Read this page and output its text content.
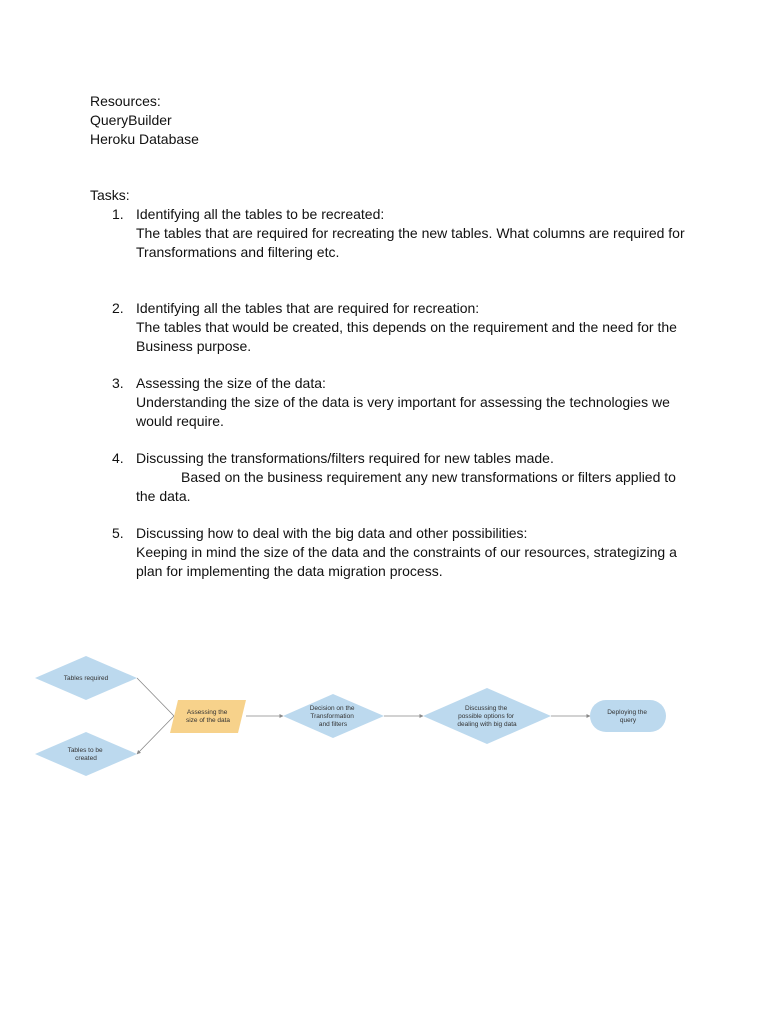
Resources:
QueryBuilder
Heroku Database
Tasks:
1. Identifying all the tables to be recreated:
The tables that are required for recreating the new tables. What columns are required for
Transformations and filtering etc.
2. Identifying all the tables that are required for recreation:
The tables that would be created, this depends on the requirement and the need for the
Business purpose.
3. Assessing the size of the data:
Understanding the size of the data is very important for assessing the technologies we
would require.
4. Discussing the transformations/filters required for new tables made.
Based on the business requirement any new transformations or filters applied to
the data.
5. Discussing how to deal with the big data and other possibilities:
Keeping in mind the size of the data and the constraints of our resources, strategizing a
plan for implementing the data migration process.
Tables required
Tables to be created
Assessing the size of the data
Decision on the Transformation and filters
Discussing the possible options for dealing with big data
Deploying the query
